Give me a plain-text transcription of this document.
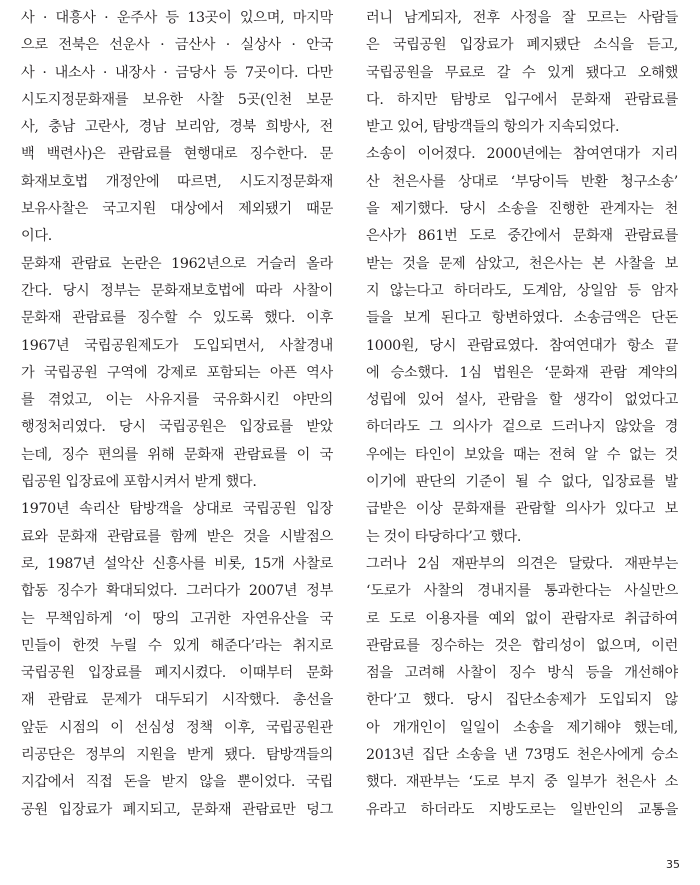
사 · 대흥사 · 운주사 등 13곳이 있으며, 마지막
으로 전북은 선운사 · 금산사 · 실상사 · 안국
사 · 내소사 · 내장사 · 금당사 등 7곳이다. 다만
시도지정문화재를 보유한 사찰 5곳(인천 보문
사, 충남 고란사, 경남 보리암, 경북 희방사, 전
백 백련사)은 관람료를 현행대로 징수한다. 문
화재보호법 개정안에 따르면, 시도지정문화재
보유사찰은 국고지원 대상에서 제외됐기 때문
이다.
문화재 관람료 논란은 1962년으로 거슬러 올라
간다. 당시 정부는 문화재보호법에 따라 사찰이
문화재 관람료를 징수할 수 있도록 했다. 이후
1967년 국립공원제도가 도입되면서, 사찰경내
가 국립공원 구역에 강제로 포함되는 아픈 역사
를 겪었고, 이는 사유지를 국유화시킨 야만의
행정처리였다. 당시 국립공원은 입장료를 받았
는데, 징수 편의를 위해 문화재 관람료를 이 국
립공원 입장료에 포함시켜서 받게 했다.
1970년 속리산 탐방객을 상대로 국립공원 입장
료와 문화재 관람료를 함께 받은 것을 시발점으
로, 1987년 설악산 신흥사를 비롯, 15개 사찰로
합동 징수가 확대되었다. 그러다가 2007년 정부
는 무책임하게 ‘이 땅의 고귀한 자연유산을 국
민들이 한껏 누릴 수 있게 해준다’라는 취지로
국립공원 입장료를 폐지시켰다. 이때부터 문화
재 관람료 문제가 대두되기 시작했다. 총선을
앞둔 시점의 이 선심성 정책 이후, 국립공원관
리공단은 정부의 지원을 받게 됐다. 탐방객들의
지갑에서 직접 돈을 받지 않을 뿐이었다. 국립
공원 입장료가 폐지되고, 문화재 관람료만 덩그
러니 남게되자, 전후 사정을 잘 모르는 사람들
은 국립공원 입장료가 폐지됐단 소식을 듣고,
국립공원을 무료로 갈 수 있게 됐다고 오해했
다. 하지만 탐방로 입구에서 문화재 관람료를
받고 있어, 탐방객들의 항의가 지속되었다.
소송이 이어졌다. 2000년에는 참여연대가 지리
산 천은사를 상대로 ‘부당이득 반환 청구소송’
을 제기했다. 당시 소송을 진행한 관계자는 천
은사가 861번 도로 중간에서 문화재 관람료를
받는 것을 문제 삼았고, 천은사는 본 사찰을 보
지 않는다고 하더라도, 도계암, 상일암 등 암자
들을 보게 된다고 항변하였다. 소송금액은 단돈
1000원, 당시 관람료였다. 참여연대가 항소 끝
에 승소했다. 1심 법원은 ‘문화재 관람 계약의
성립에 있어 설사, 관람을 할 생각이 없었다고
하더라도 그 의사가 겉으로 드러나지 않았을 경
우에는 타인이 보았을 때는 전혀 알 수 없는 것
이기에 판단의 기준이 될 수 없다, 입장료를 발
급받은 이상 문화재를 관람할 의사가 있다고 보
는 것이 타당하다’고 했다.
그러나 2심 재판부의 의견은 달랐다. 재판부는
‘도로가 사찰의 경내지를 통과한다는 사실만으
로 도로 이용자를 예외 없이 관람자로 취급하여
관람료를 징수하는 것은 합리성이 없으며, 이런
점을 고려해 사찰이 징수 방식 등을 개선해야
한다’고 했다. 당시 집단소송제가 도입되지 않
아 개개인이 일일이 소송을 제기해야 했는데,
2013년 집단 소송을 낸 73명도 천은사에게 승소
했다. 재판부는 ‘도로 부지 중 일부가 천은사 소
유라고 하더라도 지방도로는 일반인의 교통을
35
